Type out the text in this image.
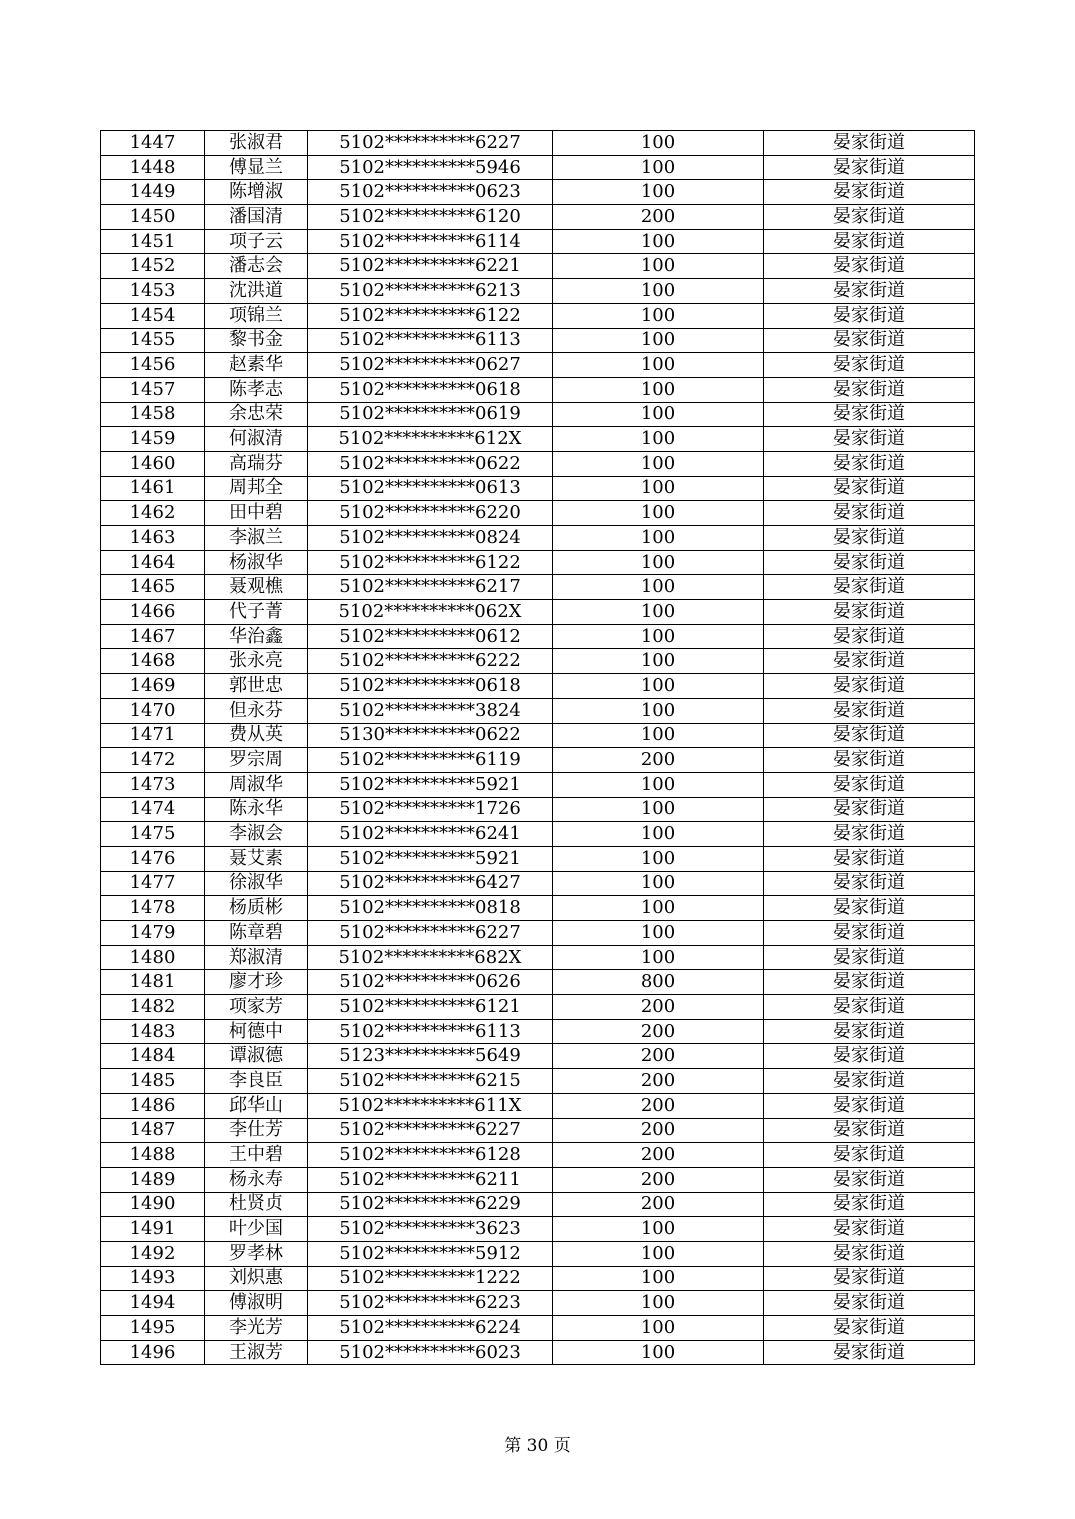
1447	张淑君	5102**********6227	100	晏家街道
1448	傅显兰	5102**********5946	100	晏家街道
1449	陈增淑	5102**********0623	100	晏家街道
1450	潘国清	5102**********6120	200	晏家街道
1451	项子云	5102**********6114	100	晏家街道
1452	潘志会	5102**********6221	100	晏家街道
1453	沈洪道	5102**********6213	100	晏家街道
1454	项锦兰	5102**********6122	100	晏家街道
1455	黎书金	5102**********6113	100	晏家街道
1456	赵素华	5102**********0627	100	晏家街道
1457	陈孝志	5102**********0618	100	晏家街道
1458	余忠荣	5102**********0619	100	晏家街道
1459	何淑清	5102**********612X	100	晏家街道
1460	高瑞芬	5102**********0622	100	晏家街道
1461	周邦全	5102**********0613	100	晏家街道
1462	田中碧	5102**********6220	100	晏家街道
1463	李淑兰	5102**********0824	100	晏家街道
1464	杨淑华	5102**********6122	100	晏家街道
1465	聂观樵	5102**********6217	100	晏家街道
1466	代子菁	5102**********062X	100	晏家街道
1467	华治鑫	5102**********0612	100	晏家街道
1468	张永亮	5102**********6222	100	晏家街道
1469	郭世忠	5102**********0618	100	晏家街道
1470	但永芬	5102**********3824	100	晏家街道
1471	费从英	5130**********0622	100	晏家街道
1472	罗宗周	5102**********6119	200	晏家街道
1473	周淑华	5102**********5921	100	晏家街道
1474	陈永华	5102**********1726	100	晏家街道
1475	李淑会	5102**********6241	100	晏家街道
1476	聂艾素	5102**********5921	100	晏家街道
1477	徐淑华	5102**********6427	100	晏家街道
1478	杨质彬	5102**********0818	100	晏家街道
1479	陈章碧	5102**********6227	100	晏家街道
1480	郑淑清	5102**********682X	100	晏家街道
1481	廖才珍	5102**********0626	800	晏家街道
1482	项家芳	5102**********6121	200	晏家街道
1483	柯德中	5102**********6113	200	晏家街道
1484	谭淑德	5123**********5649	200	晏家街道
1485	李良臣	5102**********6215	200	晏家街道
1486	邱华山	5102**********611X	200	晏家街道
1487	李仕芳	5102**********6227	200	晏家街道
1488	王中碧	5102**********6128	200	晏家街道
1489	杨永寿	5102**********6211	200	晏家街道
1490	杜贤贞	5102**********6229	200	晏家街道
1491	叶少国	5102**********3623	100	晏家街道
1492	罗孝林	5102**********5912	100	晏家街道
1493	刘炽惠	5102**********1222	100	晏家街道
1494	傅淑明	5102**********6223	100	晏家街道
1495	李光芳	5102**********6224	100	晏家街道
1496	王淑芳	5102**********6023	100	晏家街道
第 30 页
